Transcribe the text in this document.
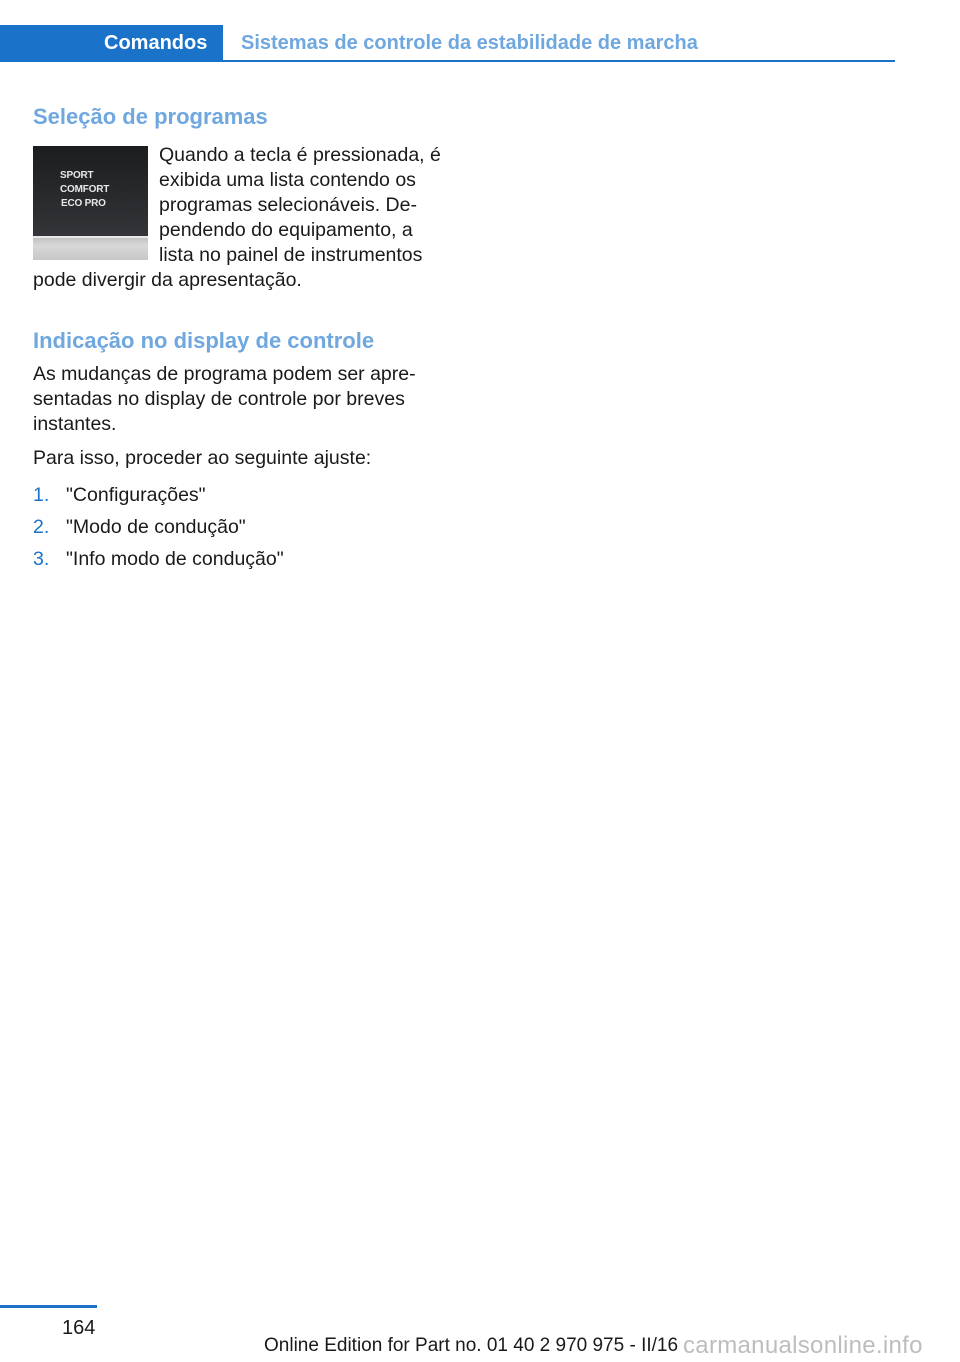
Comandos	Sistemas de controle da estabilidade de marcha
Seleção de programas
SPORT
COMFORT
ECO PRO
Quando a tecla é pressionada, é
exibida uma lista contendo os
programas selecionáveis. De-
pendendo do equipamento, a
lista no painel de instrumentos
pode divergir da apresentação.
Indicação no display de controle
As mudanças de programa podem ser apre-
sentadas no display de controle por breves
instantes.
Para isso, proceder ao seguinte ajuste:
1. "Configurações"
2. "Modo de condução"
3. "Info modo de condução"
164
Online Edition for Part no. 01 40 2 970 975 - II/16 carmanualsonline.info
